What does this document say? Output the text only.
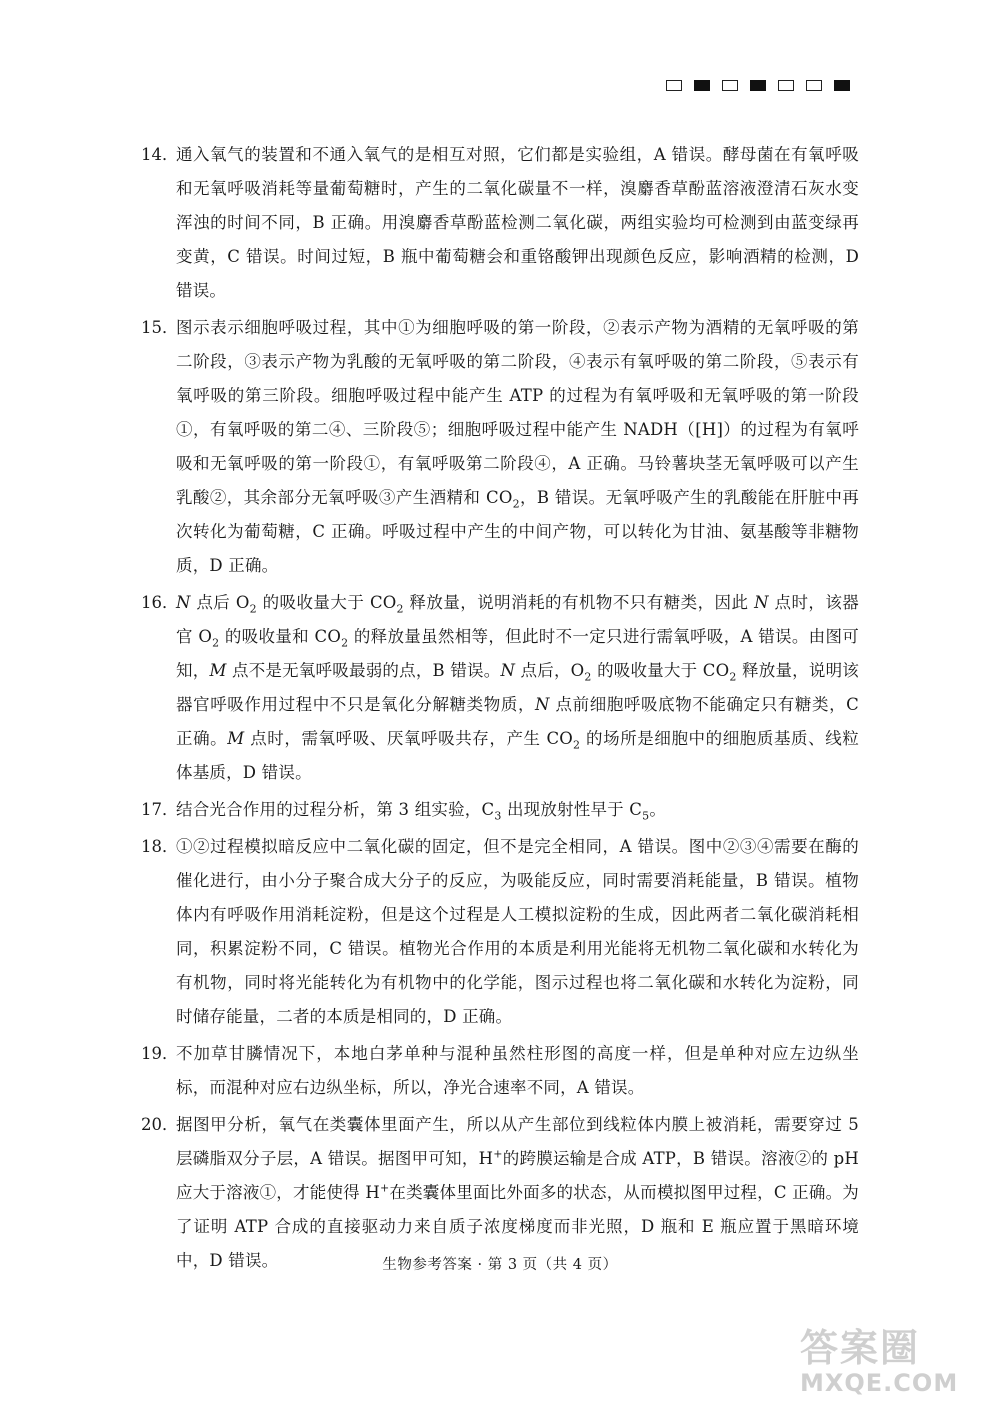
14．
通入氧气的装置和不通入氧气的是相互对照，它们都是实验组，A 错误。酵母菌在有氧呼吸和无氧呼吸消耗等量葡萄糖时，产生的二氧化碳量不一样，溴麝香草酚蓝溶液澄清石灰水变浑浊的时间不同，B 正确。用溴麝香草酚蓝检测二氧化碳，两组实验均可检测到由蓝变绿再变黄，C 错误。时间过短，B 瓶中葡萄糖会和重铬酸钾出现颜色反应，影响酒精的检测，D 错误。
15．
图示表示细胞呼吸过程，其中①为细胞呼吸的第一阶段，②表示产物为酒精的无氧呼吸的第二阶段，③表示产物为乳酸的无氧呼吸的第二阶段，④表示有氧呼吸的第二阶段，⑤表示有氧呼吸的第三阶段。细胞呼吸过程中能产生 ATP 的过程为有氧呼吸和无氧呼吸的第一阶段①，有氧呼吸的第二④、三阶段⑤；细胞呼吸过程中能产生 NADH（[H]）的过程为有氧呼吸和无氧呼吸的第一阶段①，有氧呼吸第二阶段④，A 正确。马铃薯块茎无氧呼吸可以产生乳酸②，其余部分无氧呼吸③产生酒精和 $CO_2$，B 错误。无氧呼吸产生的乳酸能在肝脏中再次转化为葡萄糖，C 正确。呼吸过程中产生的中间产物，可以转化为甘油、氨基酸等非糖物质，D 正确。
16．
N 点后 $O_2$ 的吸收量大于 $CO_2$ 释放量，说明消耗的有机物不只有糖类，因此 N 点时，该器官 $O_2$ 的吸收量和 $CO_2$ 的释放量虽然相等，但此时不一定只进行需氧呼吸，A 错误。由图可知，M 点不是无氧呼吸最弱的点，B 错误。N 点后，$O_2$ 的吸收量大于 $CO_2$ 释放量，说明该器官呼吸作用过程中不只是氧化分解糖类物质，N 点前细胞呼吸底物不能确定只有糖类，C 正确。M 点时，需氧呼吸、厌氧呼吸共存，产生 $CO_2$ 的场所是细胞中的细胞质基质、线粒体基质，D 错误。
17．
结合光合作用的过程分析，第 3 组实验，$C_3$ 出现放射性早于 $C_5$。
18．
①②过程模拟暗反应中二氧化碳的固定，但不是完全相同，A 错误。图中②③④需要在酶的催化进行，由小分子聚合成大分子的反应，为吸能反应，同时需要消耗能量，B 错误。植物体内有呼吸作用消耗淀粉，但是这个过程是人工模拟淀粉的生成，因此两者二氧化碳消耗相同，积累淀粉不同，C 错误。植物光合作用的本质是利用光能将无机物二氧化碳和水转化为有机物，同时将光能转化为有机物中的化学能，图示过程也将二氧化碳和水转化为淀粉，同时储存能量，二者的本质是相同的，D 正确。
19．
不加草甘膦情况下，本地白茅单种与混种虽然柱形图的高度一样，但是单种对应左边纵坐标，而混种对应右边纵坐标，所以，净光合速率不同，A 错误。
20．
据图甲分析，氧气在类囊体里面产生，所以从产生部位到线粒体内膜上被消耗，需要穿过 5 层磷脂双分子层，A 错误。据图甲可知，H+的跨膜运输是合成 ATP，B 错误。溶液②的 pH 应大于溶液①，才能使得 H+在类囊体里面比外面多的状态，从而模拟图甲过程，C 正确。为了证明 ATP 合成的直接驱动力来自质子浓度梯度而非光照，D 瓶和 E 瓶应置于黑暗环境中，D 错误。	生物参考答案 · 第 3 页（共 4 页）
答案圈
MXQE.COM
